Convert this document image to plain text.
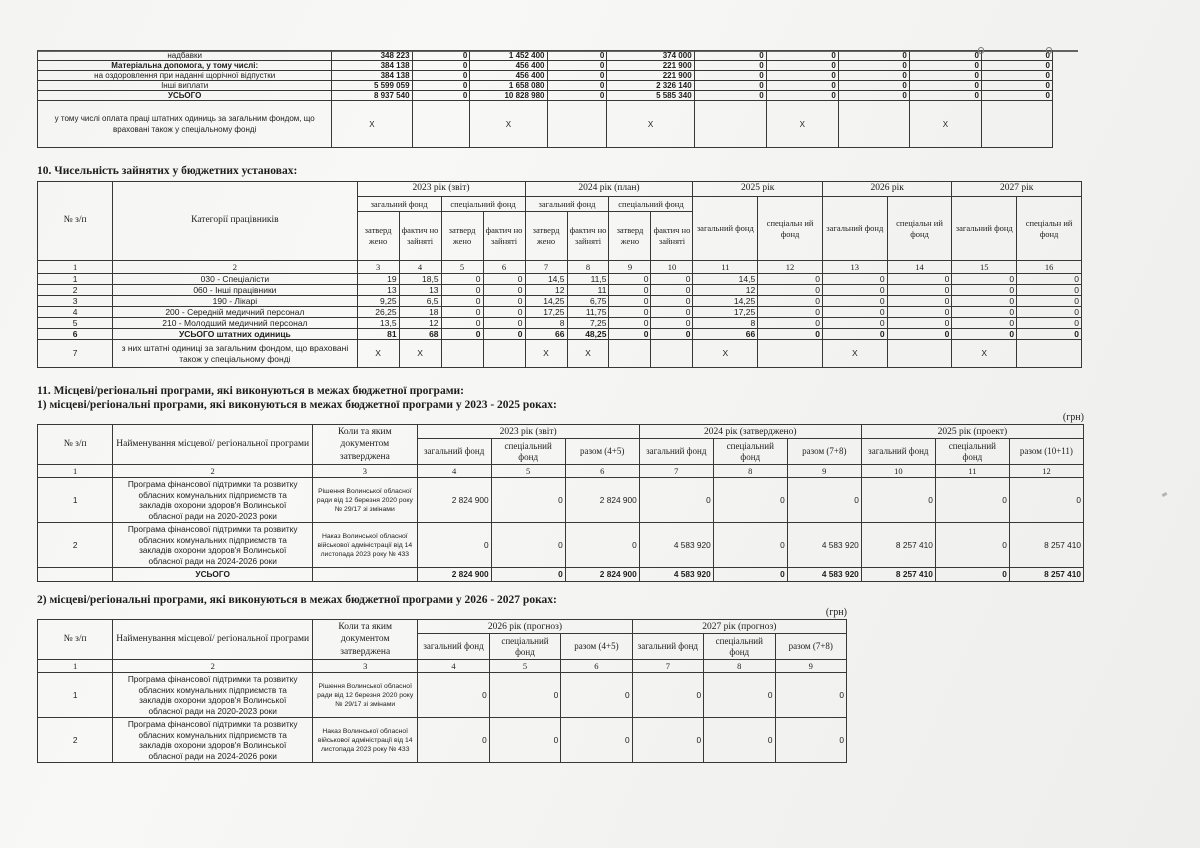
надбавки	348 223	0	1 452 400	0	374 000	0	0	0	0	0
Матеріальна допомога, у тому числі:	384 138	0	456 400	0	221 900	0	0	0	0	0
на оздоровлення при наданні щорічної відпустки	384 138	0	456 400	0	221 900	0	0	0	0	0
Інші виплати	5 599 059	0	1 658 080	0	2 326 140	0	0	0	0	0
УСЬОГО	8 937 540	0	10 828 980	0	5 585 340	0	0	0	0	0
у тому числі оплата праці штатних одиниць за загальним фондом, що враховані також у спеціальному фонді	X		X		X		X		X	
10. Чисельність зайнятих у бюджетних установах:
№ з/п	Категорії працівників	2023 рік (звіт)				2024 рік (план)				2025 рік		2026 рік		2027 рік	
		загальний фонд		спеціальний фонд		загальний фонд		спеціальний фонд		загальний фонд	спеціальн ий фонд	загальний фонд	спеціальн ий фонд	загальний фонд	спеціальн ий фонд
		затверд жено	фактич но зайняті	затверд жено	фактич но зайняті	затверд жено	фактич но зайняті	затверд жено	фактич но зайняті						
1	2	3	4	5	6	7	8	9	10	11	12	13	14	15	16
1	030 - Спеціалісти	19	18,5	0	0	14,5	11,5	0	0	14,5	0	0	0	0	0
2	060 - Інші працівники	13	13	0	0	12	11	0	0	12	0	0	0	0	0
3	190 - Лікарі	9,25	6,5	0	0	14,25	6,75	0	0	14,25	0	0	0	0	0
4	200 - Середній медичний персонал	26,25	18	0	0	17,25	11,75	0	0	17,25	0	0	0	0	0
5	210 - Молодший медичний персонал	13,5	12	0	0	8	7,25	0	0	8	0	0	0	0	0
6	УСЬОГО штатних одиниць	81	68	0	0	66	48,25	0	0	66	0	0	0	0	0
7	з них штатні одиниці за загальним фондом, що враховані також у спеціальному фонді	X	X			X	X			X		X		X	
11. Місцеві/регіональні програми, які виконуються в межах бюджетної програми:
1) місцеві/регіональні програми, які виконуються в межах бюджетної програми у 2023 - 2025 роках:
(грн)
№ з/п	Найменування місцевої/ регіональної програми	Коли та яким документом затверджена	2023 рік (звіт)			2024 рік (затверджено)			2025 рік (проект)		
			загальний фонд	спеціальний фонд	разом (4+5)	загальний фонд	спеціальний фонд	разом (7+8)	загальний фонд	спеціальний фонд	разом (10+11)
1	2	3	4	5	6	7	8	9	10	11	12
1	Програма фінансової підтримки та розвитку обласних комунальних підприємств та закладів охорони здоров'я Волинської обласної ради на 2020-2023 роки	Рішення Волинської обласної ради від 12 березня 2020 року № 29/17 зі змінами	2 824 900	0	2 824 900	0	0	0	0	0	0
2	Програма фінансової підтримки та розвитку обласних комунальних підприємств та закладів охорони здоров'я Волинської обласної ради на 2024-2026 роки	Наказ Волинської обласної військової адміністрації від 14 листопада 2023 року № 433	0	0	0	4 583 920	0	4 583 920	8 257 410	0	8 257 410
	УСЬОГО		2 824 900	0	2 824 900	4 583 920	0	4 583 920	8 257 410	0	8 257 410
2) місцеві/регіональні програми, які виконуються в межах бюджетної програми у 2026 - 2027 роках:
(грн)
№ з/п	Найменування місцевої/ регіональної програми	Коли та яким документом затверджена	2026 рік (прогноз)			2027 рік (прогноз)		
			загальний фонд	спеціальний фонд	разом (4+5)	загальний фонд	спеціальний фонд	разом (7+8)
1	2	3	4	5	6	7	8	9
1	Програма фінансової підтримки та розвитку обласних комунальних підприємств та закладів охорони здоров'я Волинської обласної ради на 2020-2023 роки	Рішення Волинської обласної ради від 12 березня 2020 року № 29/17 зі змінами	0	0	0	0	0	0
2	Програма фінансової підтримки та розвитку обласних комунальних підприємств та закладів охорони здоров'я Волинської обласної ради на 2024-2026 роки	Наказ Волинської обласної військової адміністрації від 14 листопада 2023 року № 433	0	0	0	0	0	0
